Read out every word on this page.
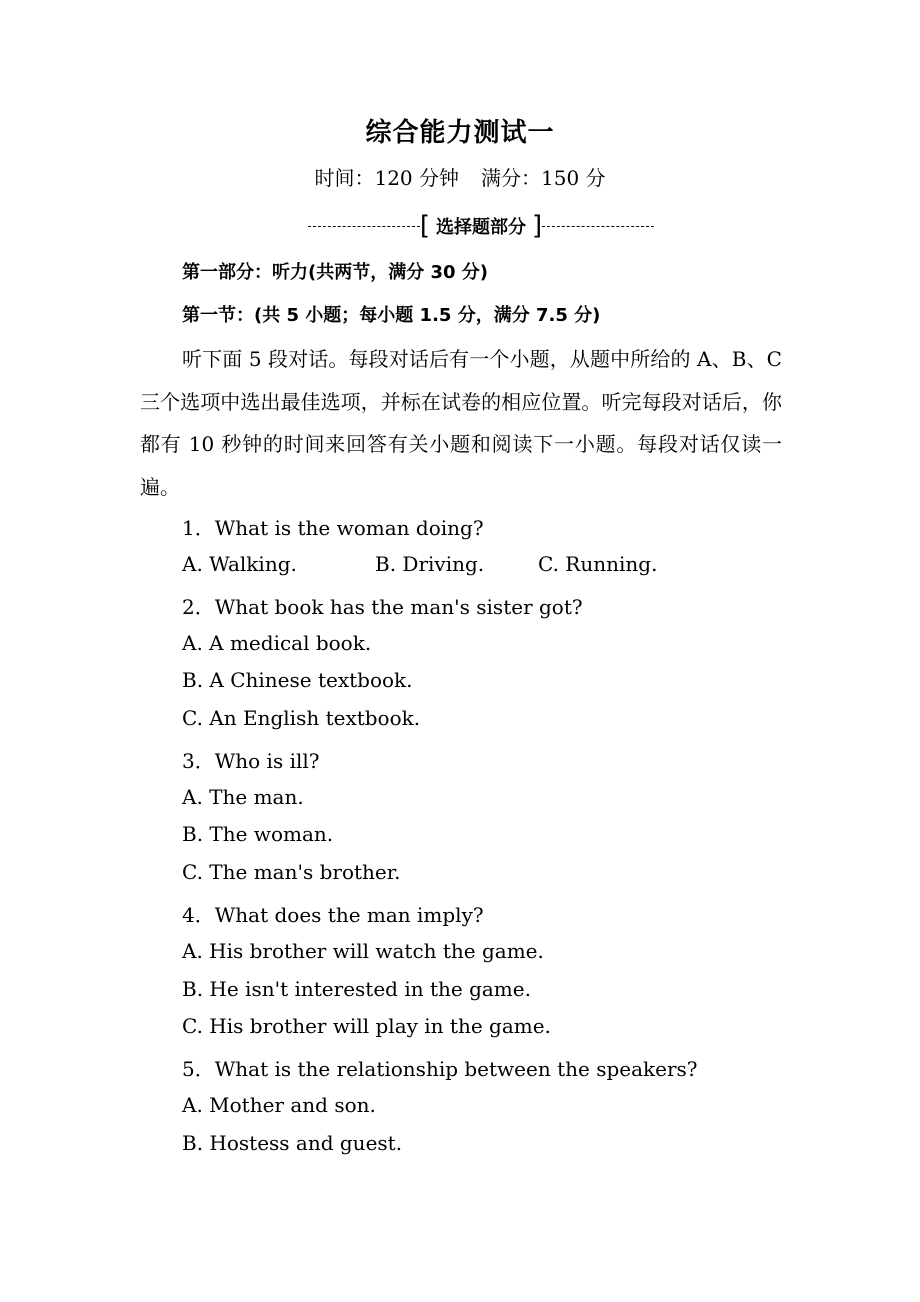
综合能力测试一
时间：120 分钟 满分：150 分
[ 选择题部分 ]
第一部分：听力(共两节，满分 30 分)
第一节：(共 5 小题；每小题 1.5 分，满分 7.5 分)
听下面 5 段对话。每段对话后有一个小题，从题中所给的 A、B、C 三个选项中选出最佳选项，并标在试卷的相应位置。听完每段对话后，你都有 10 秒钟的时间来回答有关小题和阅读下一小题。每段对话仅读一遍。
1．What is the woman doing?
A. Walking.	B. Driving.	C. Running.
2．What book has the man's sister got?
A. A medical book.
B. A Chinese textbook.
C. An English textbook.
3．Who is ill?
A. The man.
B. The woman.
C. The man's brother.
4．What does the man imply?
A. His brother will watch the game.
B. He isn't interested in the game.
C. His brother will play in the game.
5．What is the relationship between the speakers?
A. Mother and son.
B. Hostess and guest.
